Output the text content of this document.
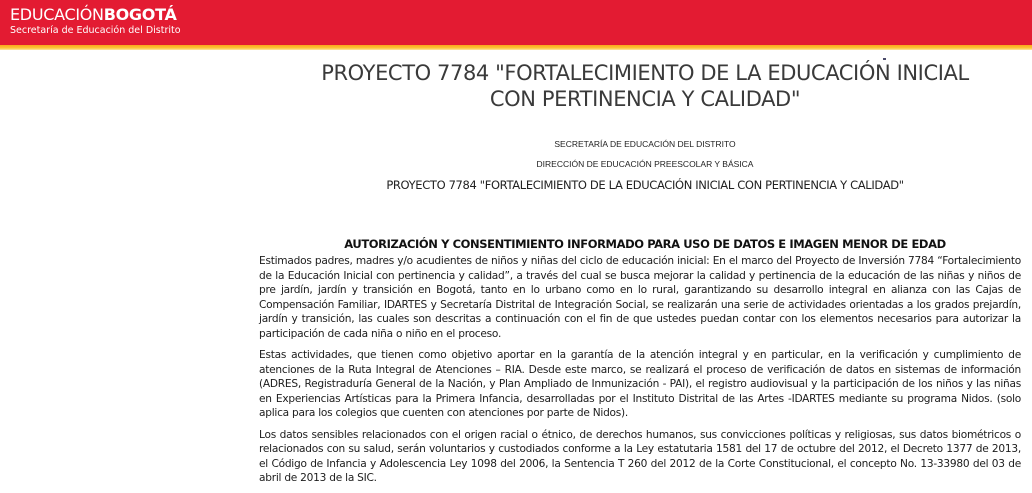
EDUCACIÓNBOGOTÁ
Secretaría de Educación del Distrito
PROYECTO 7784 "FORTALECIMIENTO DE LA EDUCACIÓN INICIAL
CON PERTINENCIA Y CALIDAD"
SECRETARÍA DE EDUCACIÓN DEL DISTRITO
DIRECCIÓN DE EDUCACIÓN PREESCOLAR Y BÁSICA
PROYECTO 7784 "FORTALECIMIENTO DE LA EDUCACIÓN INICIAL CON PERTINENCIA Y CALIDAD"
AUTORIZACIÓN Y CONSENTIMIENTO INFORMADO PARA USO DE DATOS E IMAGEN MENOR DE EDAD

Estimados padres, madres y/o acudientes de niños y niñas del ciclo de educación inicial: En el marco del Proyecto de Inversión 7784 “Fortalecimiento de la Educación Inicial con pertinencia y calidad”, a través del cual se busca mejorar la calidad y pertinencia de la educación de las niñas y niños de pre jardín, jardín y transición en Bogotá, tanto en lo urbano como en lo rural, garantizando su desarrollo integral en alianza con las Cajas de Compensación Familiar, IDARTES y Secretaría Distrital de Integración Social, se realizarán una serie de actividades orientadas a los grados prejardín, jardín y transición, las cuales son descritas a continuación con el fin de que ustedes puedan contar con los elementos necesarios para autorizar la participación de cada niña o niño en el proceso.

Estas actividades, que tienen como objetivo aportar en la garantía de la atención integral y en particular, en la verificación y cumplimiento de atenciones de la Ruta Integral de Atenciones – RIA. Desde este marco, se realizará el proceso de verificación de datos en sistemas de información (ADRES, Registraduría General de la Nación, y Plan Ampliado de Inmunización - PAI), el registro audiovisual y la participación de los niños y las niñas en Experiencias Artísticas para la Primera Infancia, desarrolladas por el Instituto Distrital de las Artes -IDARTES mediante su programa Nidos. (solo aplica para los colegios que cuenten con atenciones por parte de Nidos).

Los datos sensibles relacionados con el origen racial o étnico, de derechos humanos, sus convicciones políticas y religiosas, sus datos biométricos o relacionados con su salud, serán voluntarios y custodiados conforme a la Ley estatutaria 1581 del 17 de octubre del 2012, el Decreto 1377 de 2013, el Código de Infancia y Adolescencia Ley 1098 del 2006, la Sentencia T 260 del 2012 de la Corte Constitucional, el concepto No. 13-33980 del 03 de abril de 2013 de la SIC.
